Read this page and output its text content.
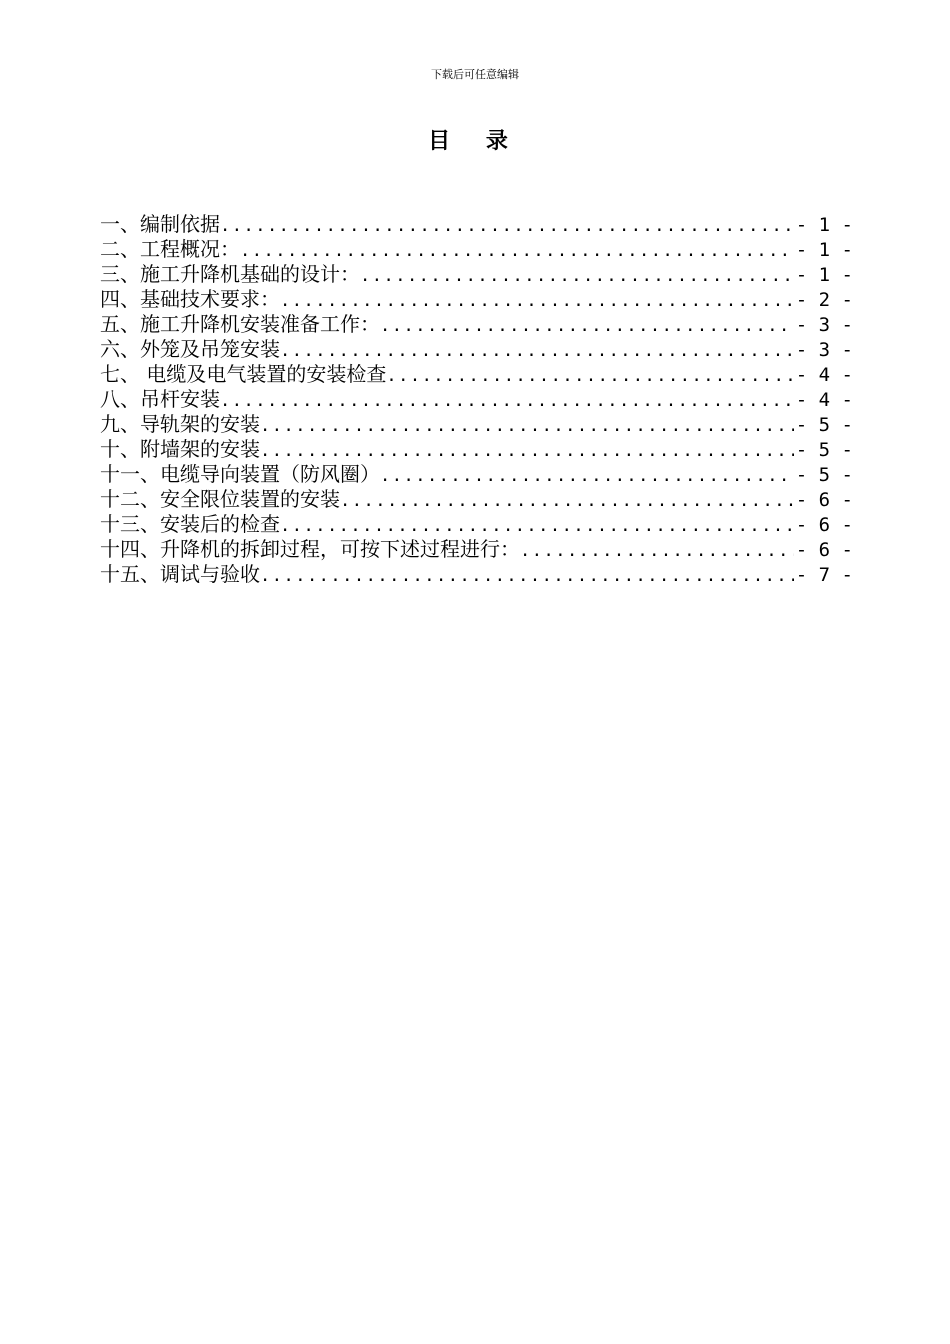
下载后可任意编辑
目 录
一、编制依据 .....	- 1 -
二、工程概况： .....	- 1 -
三、施工升降机基础的设计： .....	- 1 -
四、基础技术要求： .....	- 2 -
五、施工升降机安装准备工作： .....	- 3 -
六、外笼及吊笼安装 .....	- 3 -
七、 电缆及电气装置的安装检查 .....	- 4 -
八、吊杆安装 .....	- 4 -
九、导轨架的安装 .....	- 5 -
十、附墙架的安装 .....	- 5 -
十一、电缆导向装置（防风圈） .....	- 5 -
十二、安全限位装置的安装 .....	- 6 -
十三、安装后的检查 .....	- 6 -
十四、升降机的拆卸过程，可按下述过程进行： .....	- 6 -
十五、调试与验收 .....	- 7 -
